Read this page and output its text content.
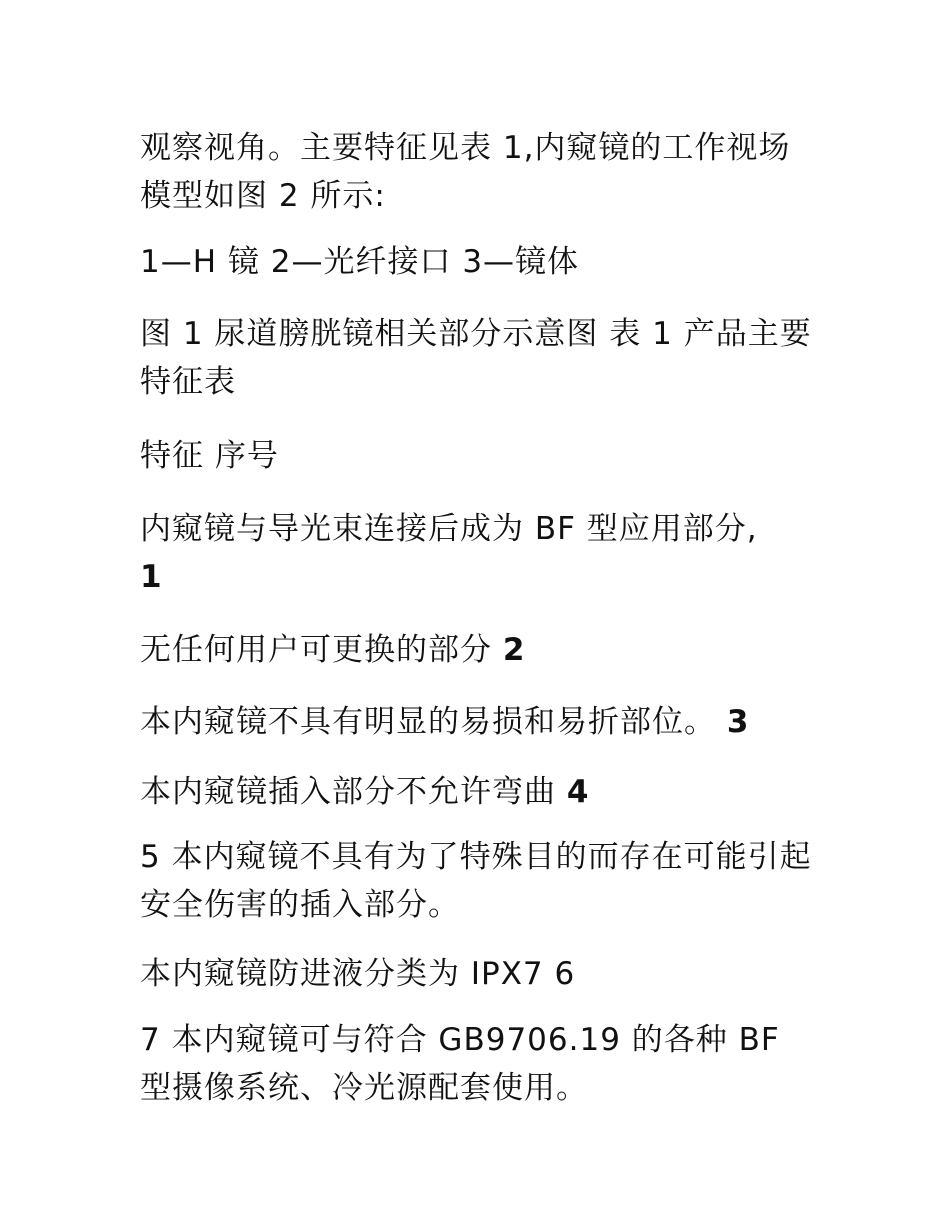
观察视角。主要特征见表 1,内窥镜的工作视场模型如图 2 所示:

1—H 镜 2—光纤接口 3—镜体

图 1 尿道膀胱镜相关部分示意图 表 1 产品主要特征表

特征 序号

内窥镜与导光束连接后成为 BF 型应用部分,
1

无任何用户可更换的部分 2

本内窥镜不具有明显的易损和易折部位。 3

本内窥镜插入部分不允许弯曲 4

5 本内窥镜不具有为了特殊目的而存在可能引起安全伤害的插入部分。

本内窥镜防进液分类为 IPX7 6

7 本内窥镜可与符合 GB9706.19 的各种 BF 型摄像系统、冷光源配套使用。
